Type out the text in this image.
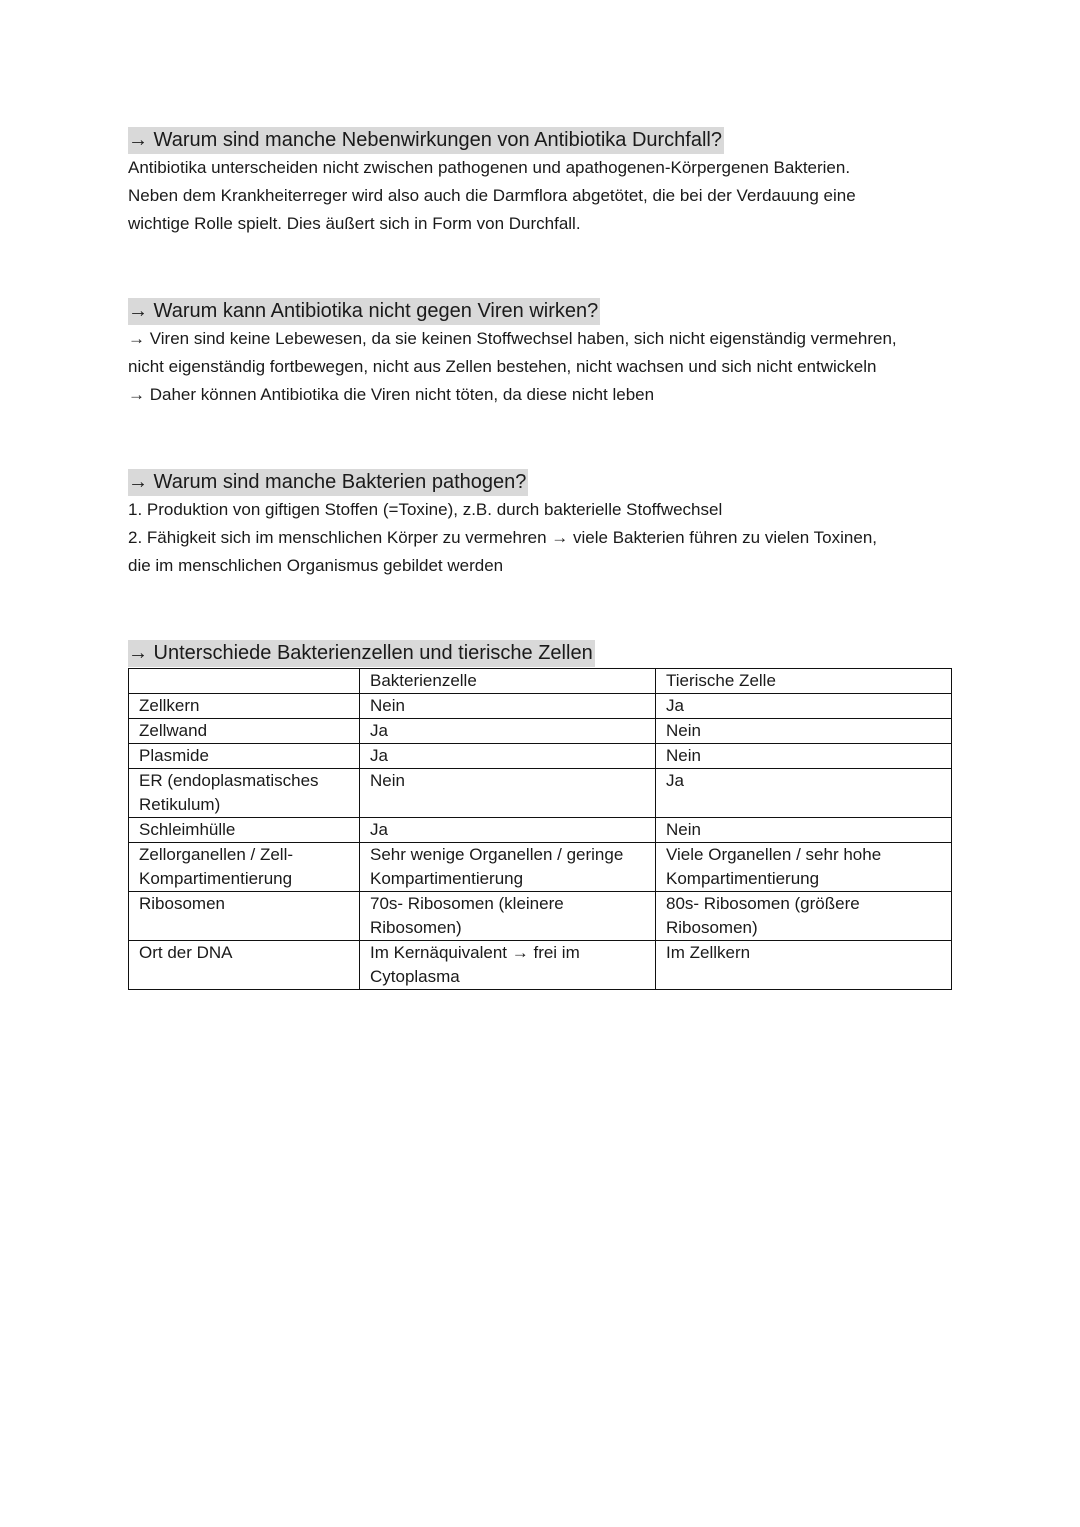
→ Warum sind manche Nebenwirkungen von Antibiotika Durchfall?

Antibiotika unterscheiden nicht zwischen pathogenen und apathogenen-Körpergenen Bakterien.

Neben dem Krankheiterreger wird also auch die Darmflora abgetötet, die bei der Verdauung eine

wichtige Rolle spielt. Dies äußert sich in Form von Durchfall.

→ Warum kann Antibiotika nicht gegen Viren wirken?

→ Viren sind keine Lebewesen, da sie keinen Stoffwechsel haben, sich nicht eigenständig vermehren,

nicht eigenständig fortbewegen, nicht aus Zellen bestehen, nicht wachsen und sich nicht entwickeln

→ Daher können Antibiotika die Viren nicht töten, da diese nicht leben

→ Warum sind manche Bakterien pathogen?

1. Produktion von giftigen Stoffen (=Toxine), z.B. durch bakterielle Stoffwechsel

2. Fähigkeit sich im menschlichen Körper zu vermehren → viele Bakterien führen zu vielen Toxinen,

die im menschlichen Organismus gebildet werden

→ Unterschiede Bakterienzellen und tierische Zellen
	Bakterienzelle	Tierische Zelle
Zellkern	Nein	Ja
Zellwand	Ja	Nein
Plasmide	Ja	Nein
ER (endoplasmatisches Retikulum)	Nein	Ja
Schleimhülle	Ja	Nein
Zellorganellen / Zell-Kompartimentierung	Sehr wenige Organellen / geringe Kompartimentierung	Viele Organellen / sehr hohe Kompartimentierung
Ribosomen	70s- Ribosomen (kleinere Ribosomen)	80s- Ribosomen (größere Ribosomen)
Ort der DNA	Im Kernäquivalent → frei im Cytoplasma	Im Zellkern
